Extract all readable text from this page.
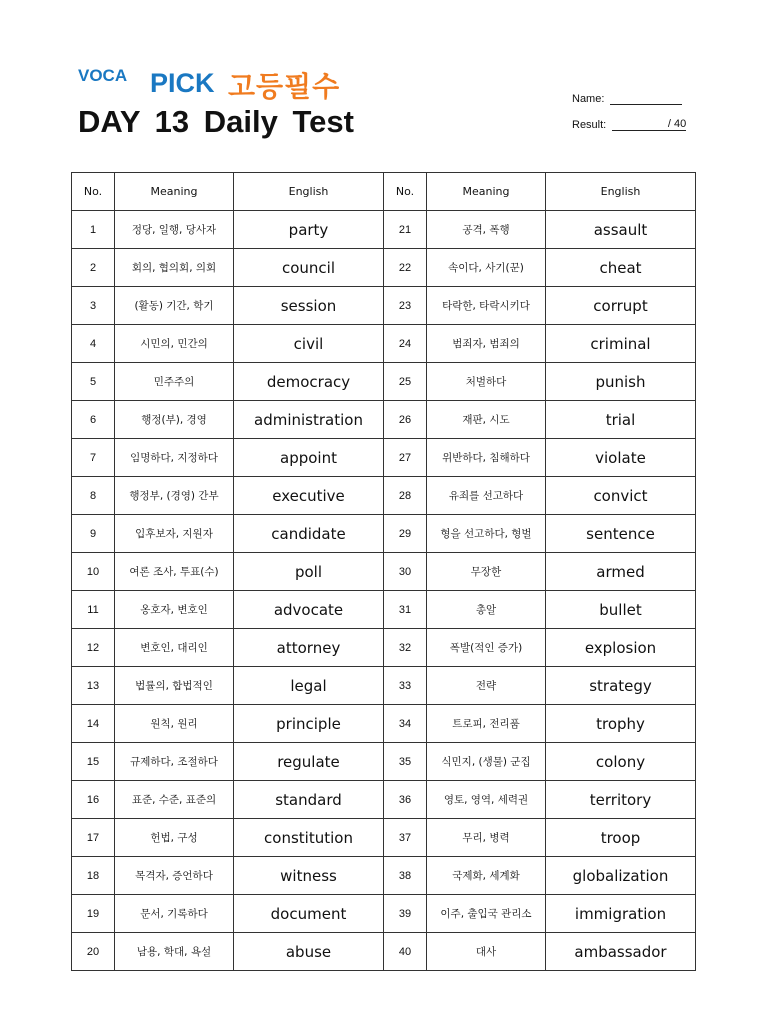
VOCA PICK 고등필수
DAY 13 Daily Test
Name:
Result:	/ 40
No.	Meaning	English	No.	Meaning	English
1	정당, 일행, 당사자	party	21	공격, 폭행	assault
2	회의, 협의회, 의회	council	22	속이다, 사기(꾼)	cheat
3	(활동) 기간, 학기	session	23	타락한, 타락시키다	corrupt
4	시민의, 민간의	civil	24	범죄자, 범죄의	criminal
5	민주주의	democracy	25	처벌하다	punish
6	행정(부), 경영	administration	26	재판, 시도	trial
7	임명하다, 지정하다	appoint	27	위반하다, 침해하다	violate
8	행정부, (경영) 간부	executive	28	유죄를 선고하다	convict
9	입후보자, 지원자	candidate	29	형을 선고하다, 형벌	sentence
10	여론 조사, 투표(수)	poll	30	무장한	armed
11	옹호자, 변호인	advocate	31	총알	bullet
12	변호인, 대리인	attorney	32	폭발(적인 증가)	explosion
13	법률의, 합법적인	legal	33	전략	strategy
14	원칙, 원리	principle	34	트로피, 전리품	trophy
15	규제하다, 조절하다	regulate	35	식민지, (생물) 군집	colony
16	표준, 수준, 표준의	standard	36	영토, 영역, 세력권	territory
17	헌법, 구성	constitution	37	무리, 병력	troop
18	목격자, 증언하다	witness	38	국제화, 세계화	globalization
19	문서, 기록하다	document	39	이주, 출입국 관리소	immigration
20	남용, 학대, 욕설	abuse	40	대사	ambassador
